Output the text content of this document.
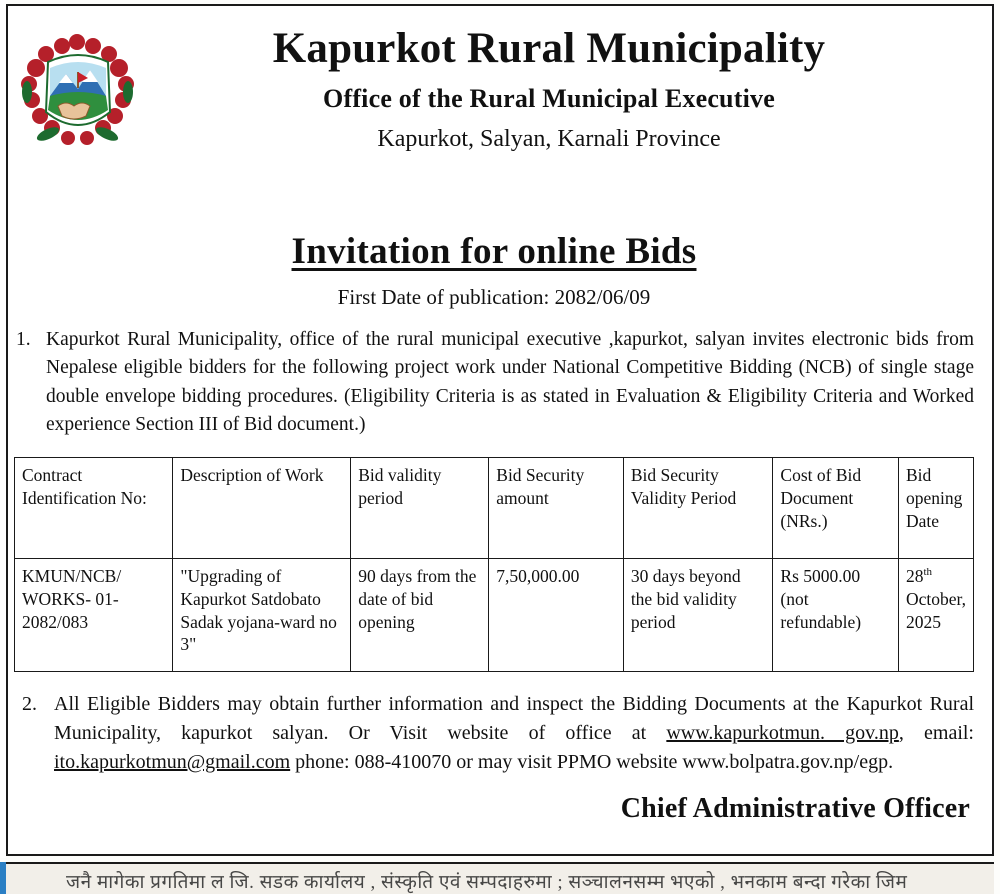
Kapurkot Rural Municipality
Office of the Rural Municipal Executive
Kapurkot, Salyan, Karnali Province
Invitation for online Bids
First Date of publication: 2082/06/09
1. Kapurkot Rural Municipality, office of the rural municipal executive ,kapurkot, salyan invites electronic bids from Nepalese eligible bidders for the following project work under National Competitive Bidding (NCB) of single stage double envelope bidding procedures. (Eligibility Criteria is as stated in Evaluation & Eligibility Criteria and Worked experience Section III of Bid document.)
Contract Identification No:	Description of Work	Bid validity period	Bid Security amount	Bid Security Validity Period	Cost of Bid Document (NRs.)	Bid opening Date
KMUN/NCB/ WORKS- 01-2082/083	"Upgrading of Kapurkot Satdobato Sadak yojana-ward no 3"	90 days from the date of bid opening	7,50,000.00	30 days beyond the bid validity period	Rs 5000.00 (not refundable)	28th October, 2025
2. All Eligible Bidders may obtain further information and inspect the Bidding Documents at the Kapurkot Rural Municipality, kapurkot salyan. Or Visit website of office at www.kapurkotmun. gov.np, email: ito.kapurkotmun@gmail.com phone: 088-410070 or may visit PPMO website www.bolpatra.gov.np/egp.
Chief Administrative Officer
जनै मागेका प्रगतिमा ल जि. सडक कार्यालय , संस्कृति एवं सम्पदाहरुमा ; सञ्चालनसम्म भएको , भनकाम बन्दा गरेका जिम
